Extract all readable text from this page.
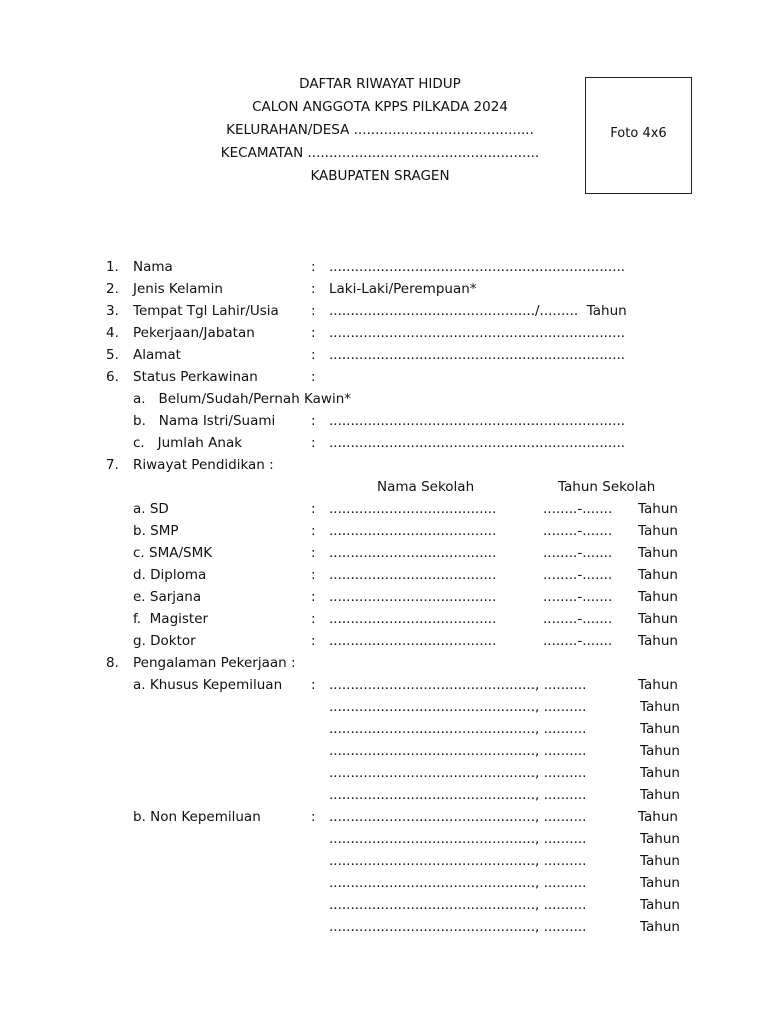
DAFTAR RIWAYAT HIDUP
CALON ANGGOTA KPPS PILKADA 2024
KELURAHAN/DESA ..........................................
KECAMATAN ......................................................
KABUPATEN SRAGEN
Foto 4x6
1. Nama	: .....................................................................
2. Jenis Kelamin	: Laki-Laki/Perempuan*
3. Tempat Tgl Lahir/Usia : ................................................/.........  Tahun
4. Pekerjaan/Jabatan	: .....................................................................
5. Alamat	: .....................................................................
6. Status Perkawinan	:
a.   Belum/Sudah/Pernah Kawin*
b.   Nama Istri/Suami	: .....................................................................
c.   Jumlah Anak	: .....................................................................
7. Riwayat Pendidikan :
Nama Sekolah	Tahun Sekolah
a. SD	: .......................................	........-....... Tahun
b. SMP	: .......................................	........-....... Tahun
c. SMA/SMK	: .......................................	........-....... Tahun
d. Diploma	: .......................................	........-....... Tahun
e. Sarjana	: .......................................	........-....... Tahun
f.  Magister	: .......................................	........-....... Tahun
g. Doktor	: .......................................	........-....... Tahun
8. Pengalaman Pekerjaan :
a. Khusus Kepemiluan : ................................................, ..........	Tahun
................................................, ..........	Tahun
................................................, ..........	Tahun
................................................, ..........	Tahun
................................................, ..........	Tahun
................................................, ..........	Tahun
b. Non Kepemiluan	: ................................................, ..........	Tahun
................................................, ..........	Tahun
................................................, ..........	Tahun
................................................, ..........	Tahun
................................................, ..........	Tahun
................................................, ..........	Tahun
